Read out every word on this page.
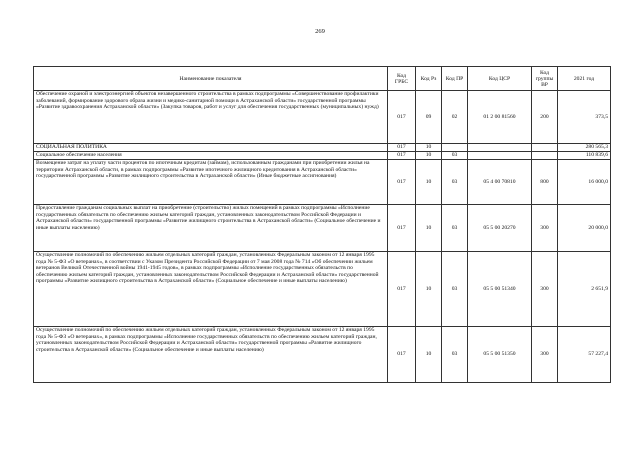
269
Наименование показателя	Код ГРБС	Код Рз	Код ПР	Код ЦСР	Код группы ВР	2021 год
Обеспечение охраной и электроэнергией объектов незавершенного строительства в рамках подпрограммы «Совершенствование профилактики заболеваний, формирование здорового образа жизни и медико-санитарной помощи в Астраханской области» государственной программы «Развитие здравоохранения Астраханской области» (Закупка товаров, работ и услуг для обеспечения государственных (муниципальных) нужд)	017	09	02	01 2 00 81560	200	373,5
СОЦИАЛЬНАЯ ПОЛИТИКА	017	10				280 565,3
Социальное обеспечение населения	017	10	03			110 839,6
Возмещение затрат на уплату части процентов по ипотечным кредитам (займам), использованным гражданами при приобретении жилья на территории Астраханской области, в рамках подпрограммы «Развитие ипотечного жилищного кредитования в Астраханской области» государственной программы «Развитие жилищного строительства в Астраханской области» (Иные бюджетные ассигнования)	017	10	03	05 4 00 70810	800	16 000,0
Предоставление гражданам социальных выплат на приобретение (строительство) жилых помещений в рамках подпрограммы «Исполнение государственных обязательств по обеспечению жильем категорий граждан, установленных законодательством Российской Федерации и Астраханской области» государственной программы «Развитие жилищного строительства в Астраханской области» (Социальное обеспечение и иные выплаты населению)	017	10	03	05 5 00 20270	300	20 000,0
Осуществление полномочий по обеспечению жильем отдельных категорий граждан, установленных Федеральным законом от 12 января 1995 года № 5-ФЗ «О ветеранах», в соответствии с Указом Президента Российской Федерации от 7 мая 2008 года № 714 «Об обеспечении жильем ветеранов Великой Отечественной войны 1941-1945 годов», в рамках подпрограммы «Исполнение государственных обязательств по обеспечению жильем категорий граждан, установленных законодательством Российской Федерации и Астраханской области» государственной программы «Развитие жилищного строительства в Астраханской области» (Социальное обеспечение и иные выплаты населению)	017	10	03	05 5 00 51340	300	2 651,9
Осуществление полномочий по обеспечению жильем отдельных категорий граждан, установленных Федеральным законом от 12 января 1995 года № 5-ФЗ «О ветеранах», в рамках подпрограммы «Исполнение государственных обязательств по обеспечению жильем категорий граждан, установленных законодательством Российской Федерации и Астраханской области» государственной программы «Развитие жилищного строительства в Астраханской области» (Социальное обеспечение и иные выплаты населению)	017	10	03	05 5 00 51350	300	57 227,4
